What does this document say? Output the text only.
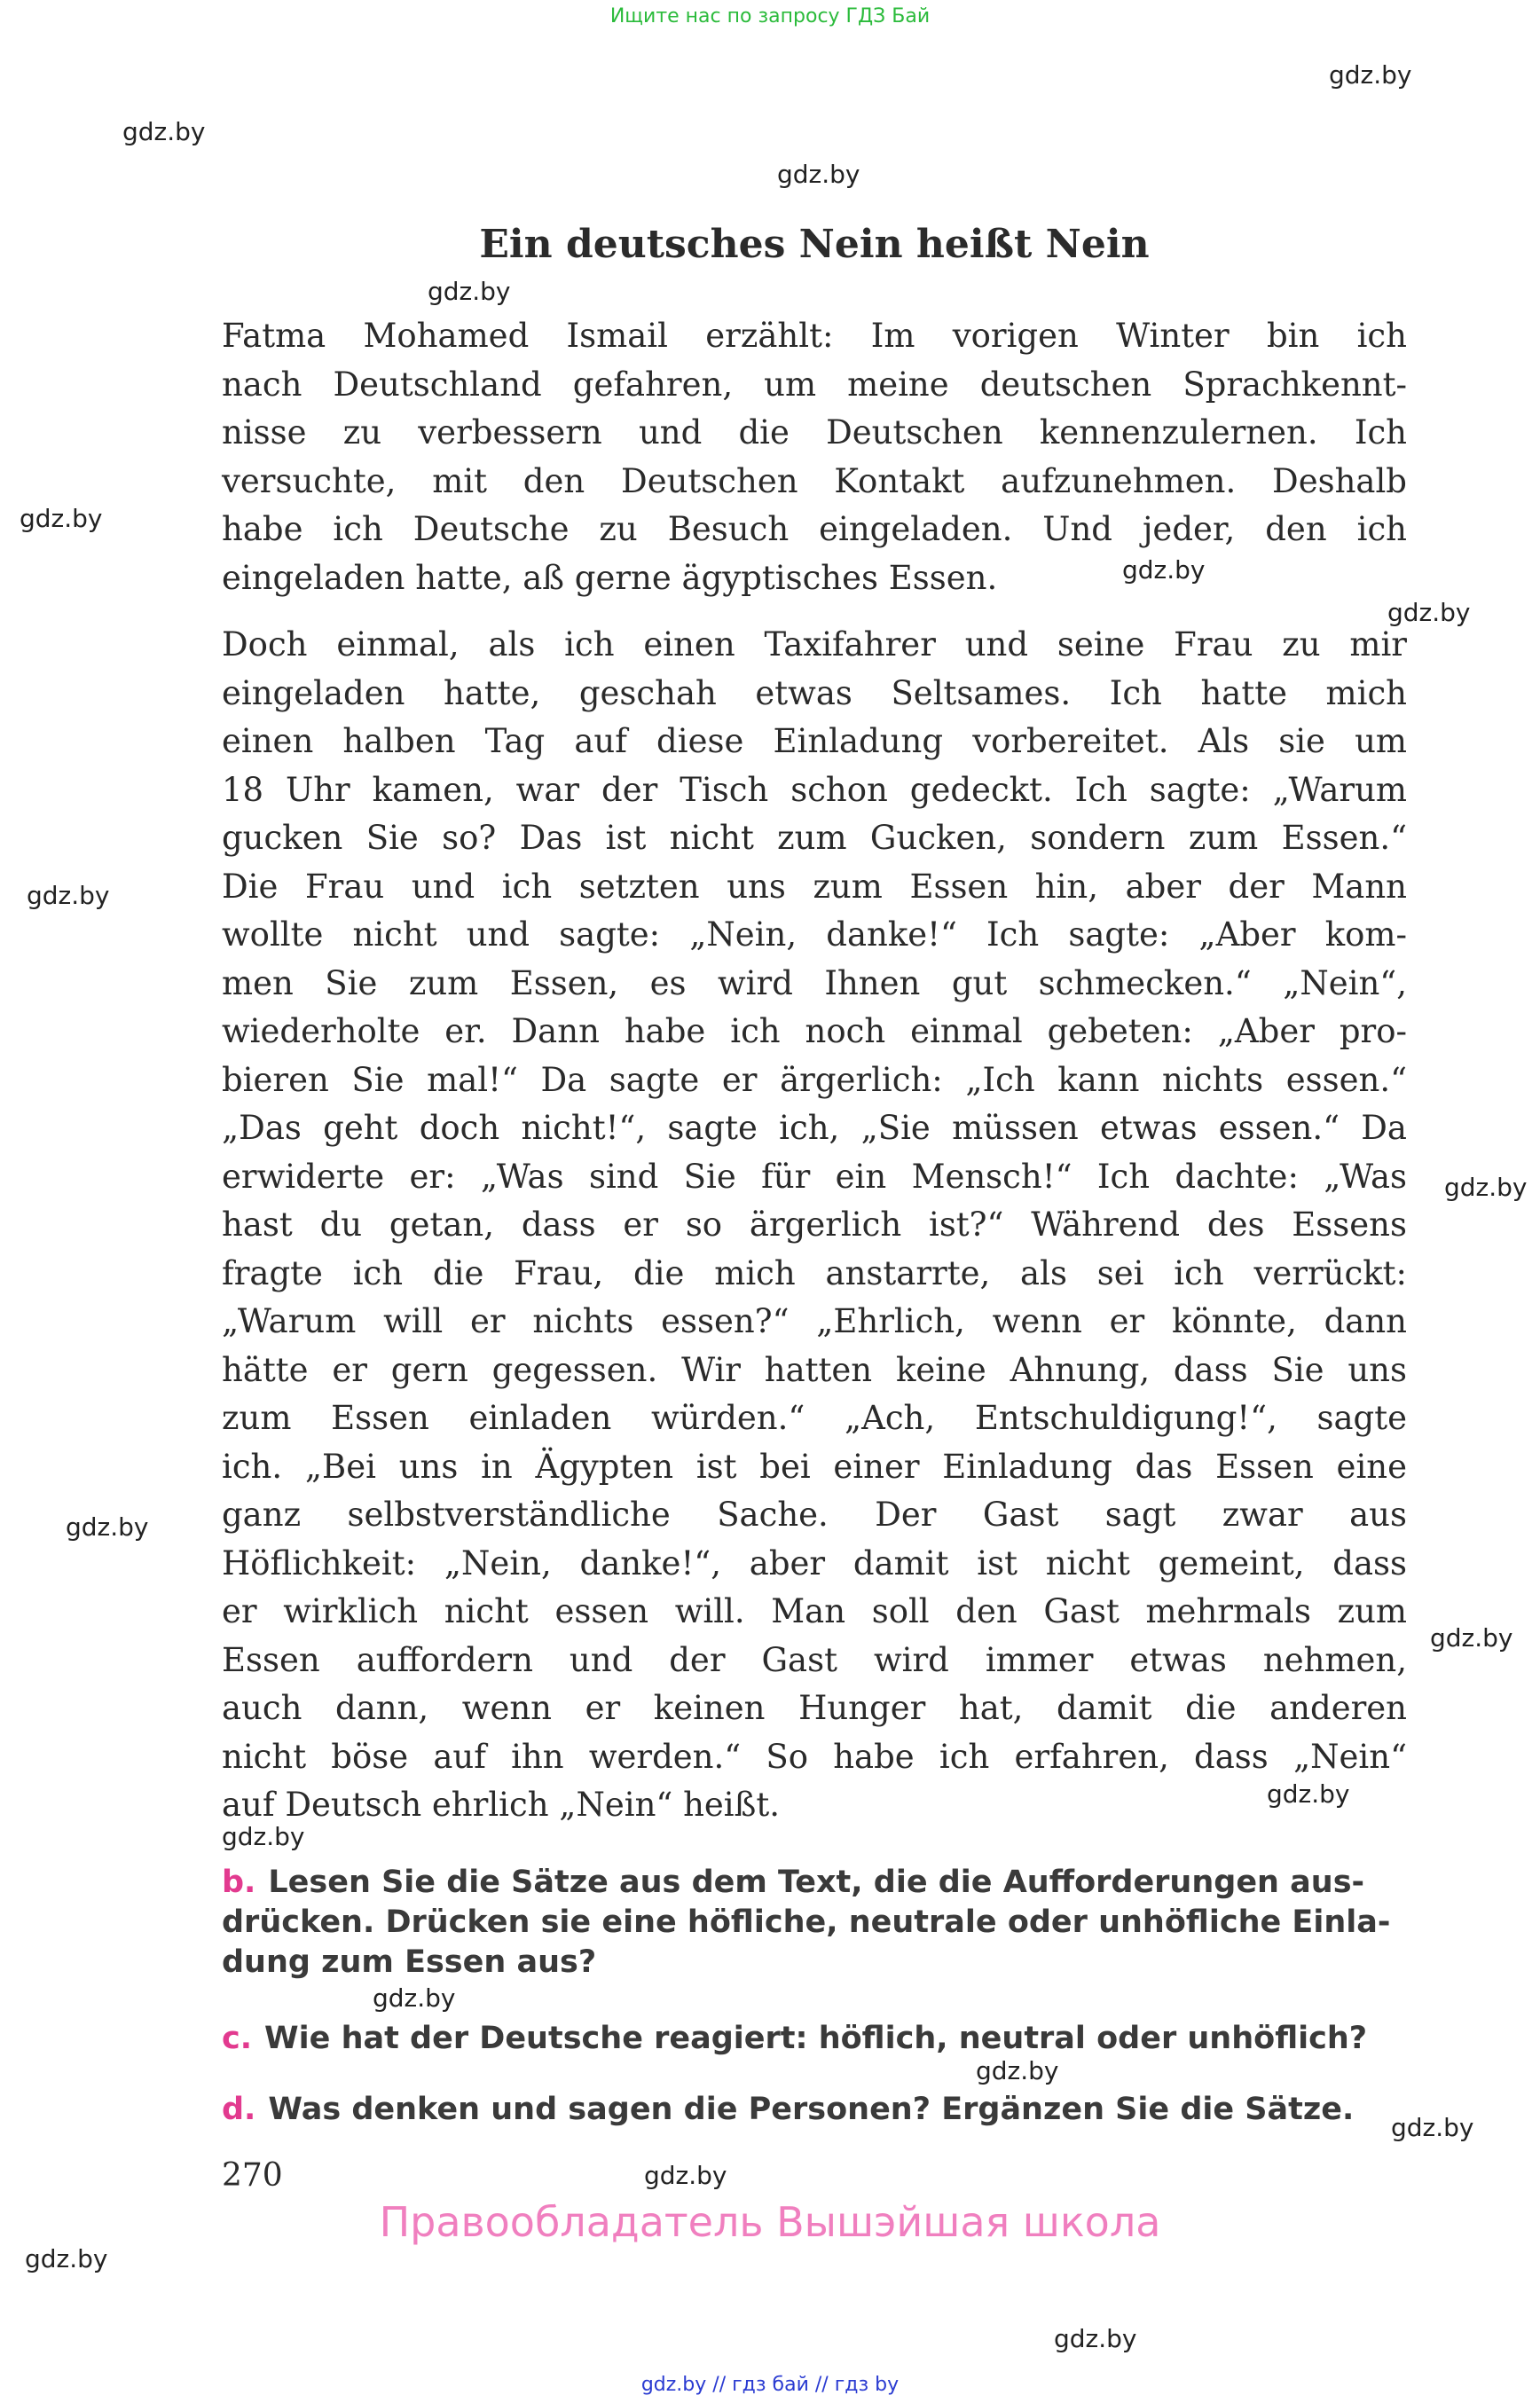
Ищите нас по запросу ГДЗ Бай
gdz.by
gdz.by
gdz.by
gdz.by
gdz.by
gdz.by
gdz.by
gdz.by
gdz.by
gdz.by
gdz.by
gdz.by
gdz.by
gdz.by
gdz.by
gdz.by
gdz.by
gdz.by
gdz.by
Ein deutsches Nein heißt Nein
Fatma Mohamed Ismail erzählt: Im vorigen Winter bin ich
nach Deutschland gefahren, um meine deutschen Sprachkennt-
nisse zu verbessern und die Deutschen kennenzulernen. Ich
versuchte, mit den Deutschen Kontakt aufzunehmen. Deshalb
habe ich Deutsche zu Besuch eingeladen. Und jeder, den ich
eingeladen hatte, aß gerne ägyptisches Essen.
Doch einmal, als ich einen Taxifahrer und seine Frau zu mir
eingeladen hatte, geschah etwas Seltsames. Ich hatte mich
einen halben Tag auf diese Einladung vorbereitet. Als sie um
18 Uhr kamen, war der Tisch schon gedeckt. Ich sagte: „Warum
gucken Sie so? Das ist nicht zum Gucken, sondern zum Essen.“
Die Frau und ich setzten uns zum Essen hin, aber der Mann
wollte nicht und sagte: „Nein, danke!“ Ich sagte: „Aber kom-
men Sie zum Essen, es wird Ihnen gut schmecken.“ „Nein“,
wiederholte er. Dann habe ich noch einmal gebeten: „Aber pro-
bieren Sie mal!“ Da sagte er ärgerlich: „Ich kann nichts essen.“
„Das geht doch nicht!“, sagte ich, „Sie müssen etwas essen.“ Da
erwiderte er: „Was sind Sie für ein Mensch!“ Ich dachte: „Was
hast du getan, dass er so ärgerlich ist?“ Während des Essens
fragte ich die Frau, die mich anstarrte, als sei ich verrückt:
„Warum will er nichts essen?“ „Ehrlich, wenn er könnte, dann
hätte er gern gegessen. Wir hatten keine Ahnung, dass Sie uns
zum Essen einladen würden.“ „Ach, Entschuldigung!“, sagte
ich. „Bei uns in Ägypten ist bei einer Einladung das Essen eine
ganz selbstverständliche Sache. Der Gast sagt zwar aus
Höflichkeit: „Nein, danke!“, aber damit ist nicht gemeint, dass
er wirklich nicht essen will. Man soll den Gast mehrmals zum
Essen auffordern und der Gast wird immer etwas nehmen,
auch dann, wenn er keinen Hunger hat, damit die anderen
nicht böse auf ihn werden.“ So habe ich erfahren, dass „Nein“
auf Deutsch ehrlich „Nein“ heißt.
b. Lesen Sie die Sätze aus dem Text, die die Aufforderungen aus-
drücken. Drücken sie eine höfliche, neutrale oder unhöfliche Einla-
dung zum Essen aus?
c. Wie hat der Deutsche reagiert: höflich, neutral oder unhöflich?
d. Was denken und sagen die Personen? Ergänzen Sie die Sätze.
270
Правообладатель Вышэйшая школа
gdz.by // гдз бай // гдз by
